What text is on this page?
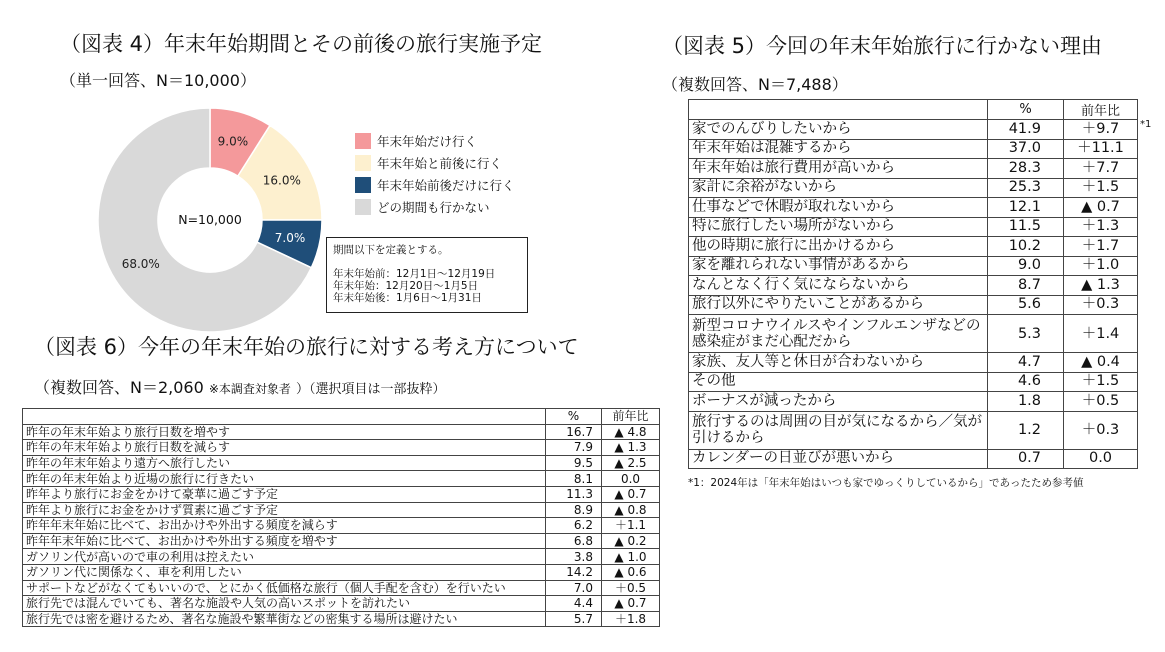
（図表 4）年末年始期間とその前後の旅行実施予定
（単一回答、N＝10,000）
9.0%
16.0%
7.0%
68.0%
N=10,000
年末年始だけ行く
年末年始と前後に行く
年末年始前後だけに行く
どの期間も行かない
期間以下を定義とする。
年末年始前：12月1日～12月19日
年末年始：12月20日～1月5日
年末年始後：1月6日～1月31日
（図表 6）今年の年末年始の旅行に対する考え方について
（複数回答、N＝2,060 ※本調査対象者 ）（選択項目は一部抜粋）
	%	前年比
昨年の年末年始より旅行日数を増やす	16.7	▲ 4.8
昨年の年末年始より旅行日数を減らす	7.9	▲ 1.3
昨年の年末年始より遠方へ旅行したい	9.5	▲ 2.5
昨年の年末年始より近場の旅行に行きたい	8.1	0.0
昨年より旅行にお金をかけて豪華に過ごす予定	11.3	▲ 0.7
昨年より旅行にお金をかけず質素に過ごす予定	8.9	▲ 0.8
昨年年末年始に比べて、お出かけや外出する頻度を減らす	6.2	＋1.1
昨年年末年始に比べて、お出かけや外出する頻度を増やす	6.8	▲ 0.2
ガソリン代が高いので車の利用は控えたい	3.8	▲ 1.0
ガソリン代に関係なく、車を利用したい	14.2	▲ 0.6
サポートなどがなくてもいいので、とにかく低価格な旅行（個人手配を含む）を行いたい	7.0	＋0.5
旅行先では混んでいても、著名な施設や人気の高いスポットを訪れたい	4.4	▲ 0.7
旅行先では密を避けるため、著名な施設や繁華街などの密集する場所は避けたい	5.7	＋1.8
（図表 5）今回の年末年始旅行に行かない理由
（複数回答、N＝7,488）
	%	前年比
家でのんびりしたいから	41.9	＋9.7
年末年始は混雑するから	37.0	＋11.1
年末年始は旅行費用が高いから	28.3	＋7.7
家計に余裕がないから	25.3	＋1.5
仕事などで休暇が取れないから	12.1	▲ 0.7
特に旅行したい場所がないから	11.5	＋1.3
他の時期に旅行に出かけるから	10.2	＋1.7
家を離れられない事情があるから	9.0	＋1.0
なんとなく行く気にならないから	8.7	▲ 1.3
旅行以外にやりたいことがあるから	5.6	＋0.3
新型コロナウイルスやインフルエンザなどの感染症がまだ心配だから	5.3	＋1.4
家族、友人等と休日が合わないから	4.7	▲ 0.4
その他	4.6	＋1.5
ボーナスが減ったから	1.8	＋0.5
旅行するのは周囲の目が気になるから／気が引けるから	1.2	＋0.3
カレンダーの日並びが悪いから	0.7	0.0
*1
*1：2024年は「年末年始はいつも家でゆっくりしているから」であったため参考値
